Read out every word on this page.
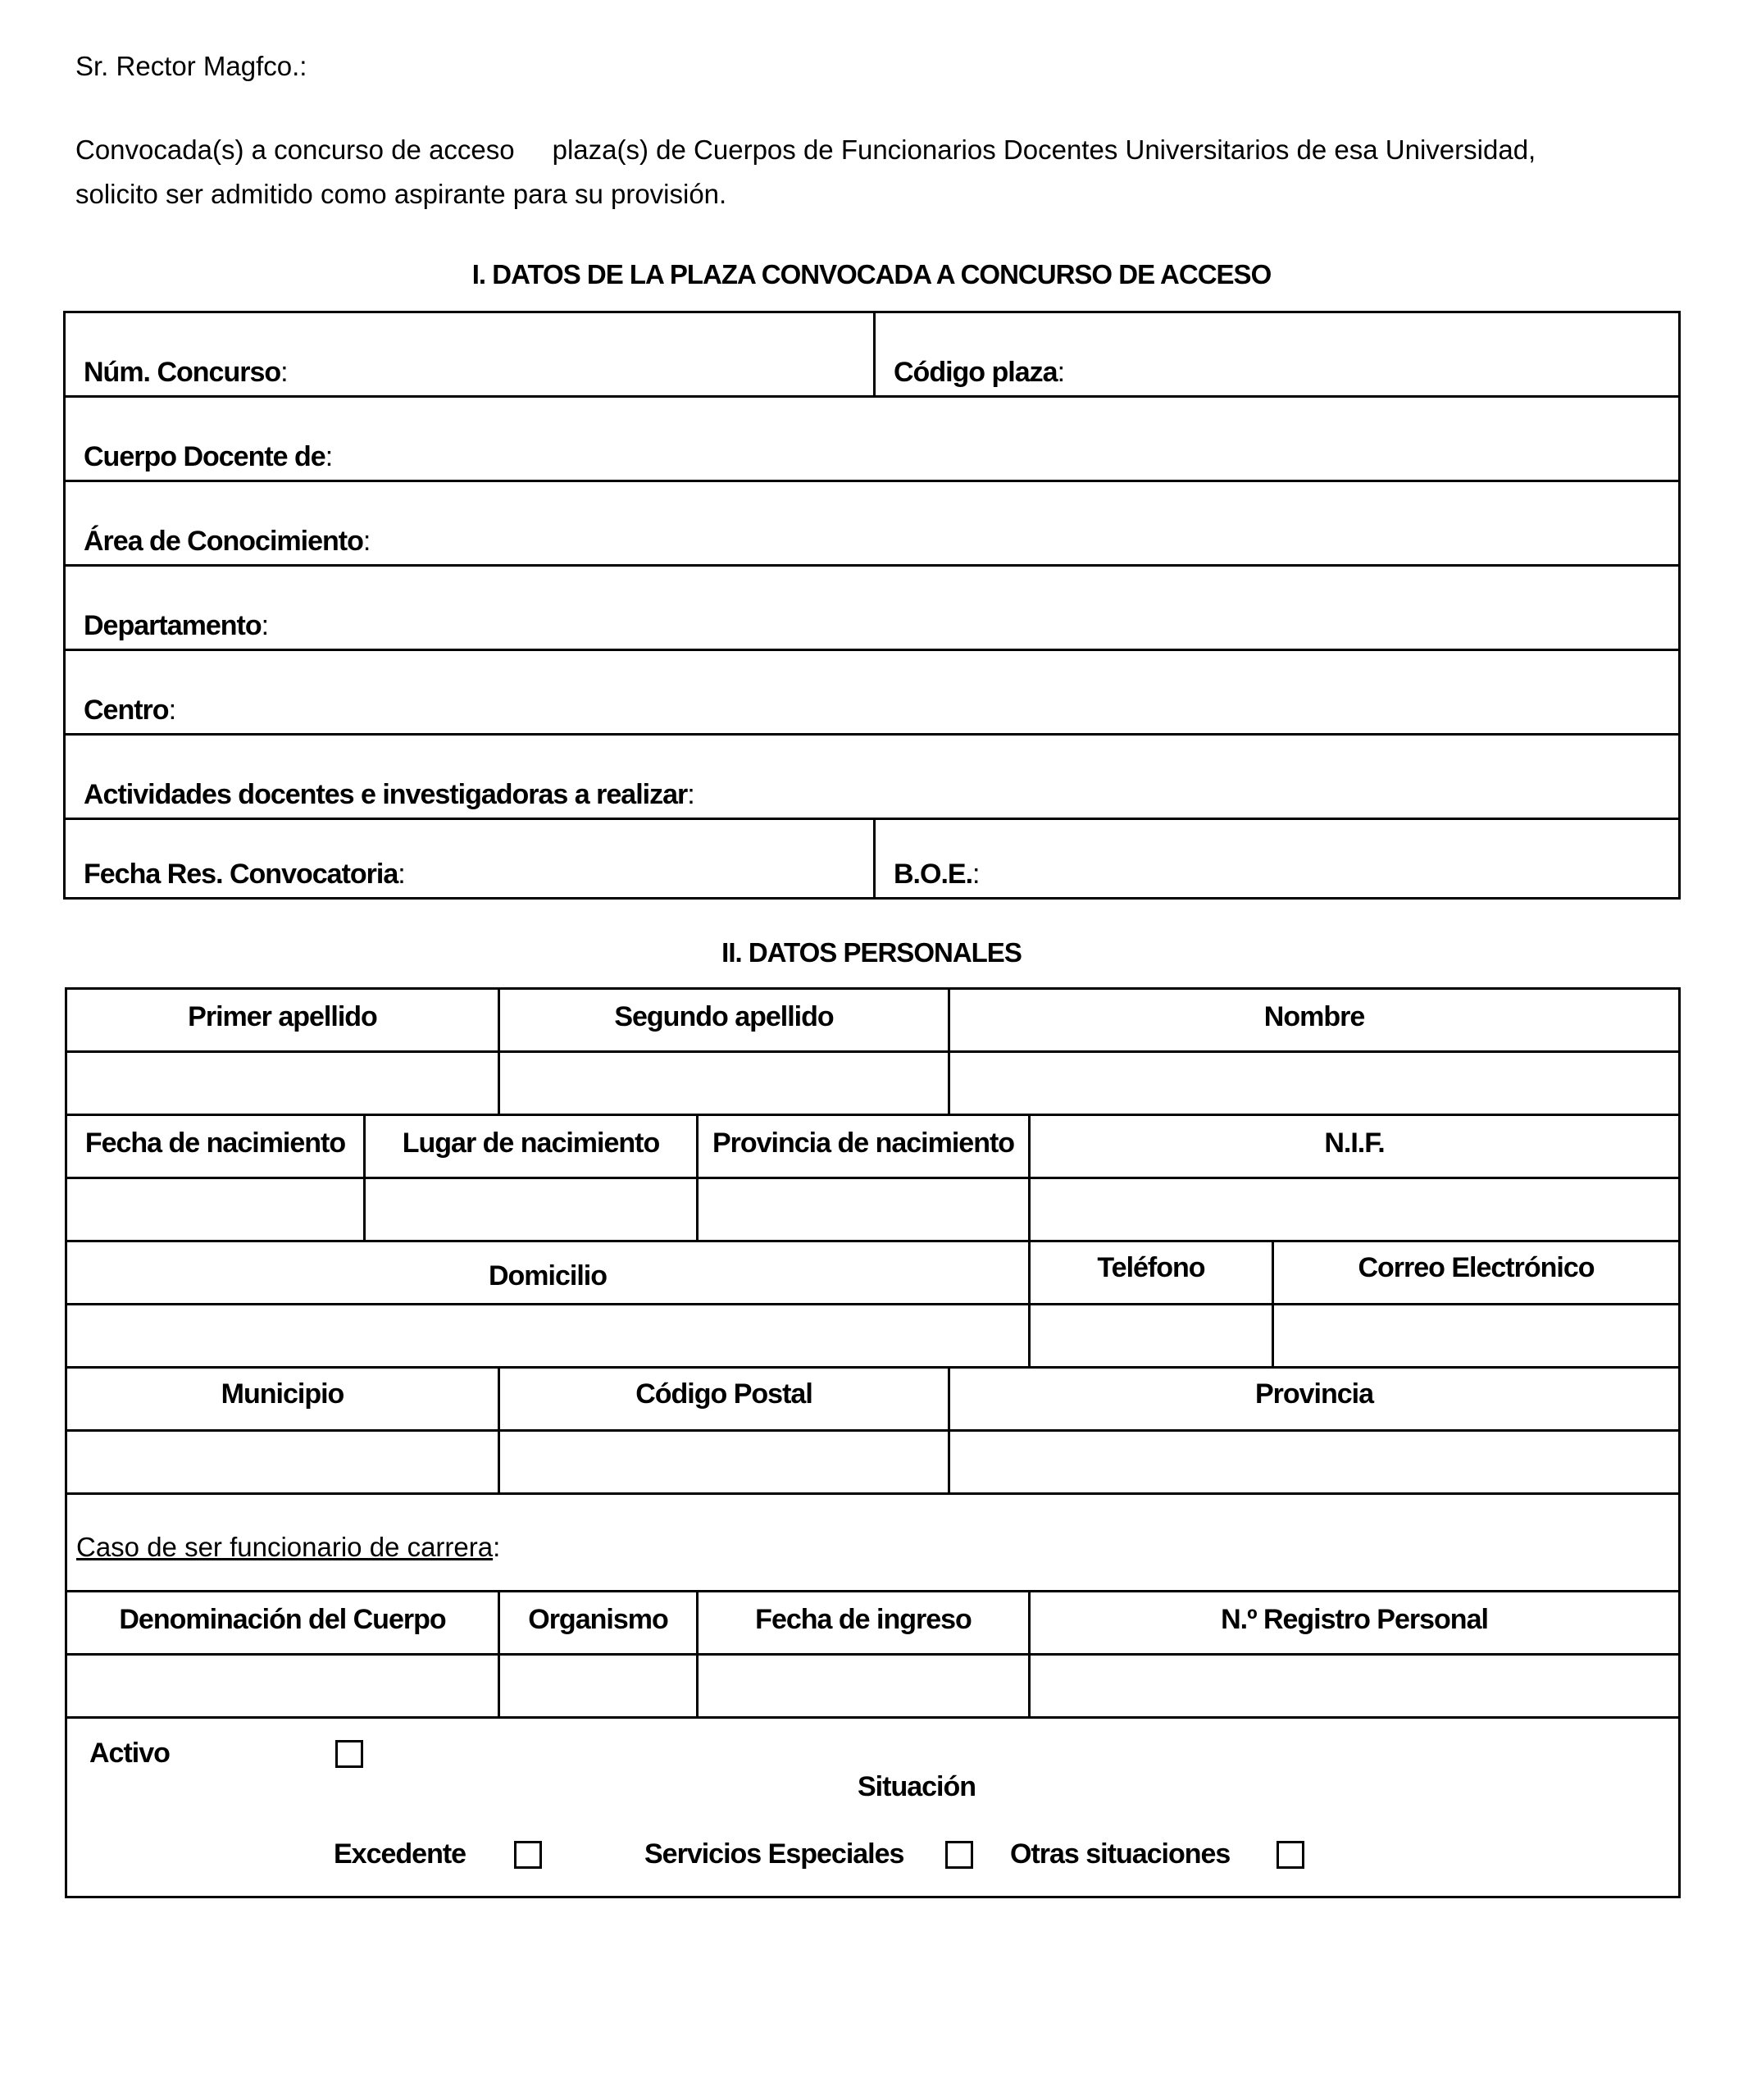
Sr. Rector Magfco.:
Convocada(s) a concurso de acceso plaza(s) de Cuerpos de Funcionarios Docentes Universitarios de esa Universidad,
solicito ser admitido como aspirante para su provisión.
I. DATOS DE LA PLAZA CONVOCADA A CONCURSO DE ACCESO
Núm. Concurso:	Código plaza:
Cuerpo Docente de:
Área de Conocimiento:
Departamento:
Centro:
Actividades docentes e investigadoras a realizar:
Fecha Res. Convocatoria:	B.O.E.:
II. DATOS PERSONALES
Primer apellido	Segundo apellido	Nombre
Fecha de nacimiento	Lugar de nacimiento	Provincia de nacimiento	N.I.F.
Domicilio	Teléfono	Correo Electrónico
Municipio	Código Postal	Provincia
Caso de ser funcionario de carrera:
Denominación del Cuerpo	Organismo	Fecha de ingreso	N.º Registro Personal
Activo
Situación
Excedente	Servicios Especiales	Otras situaciones
